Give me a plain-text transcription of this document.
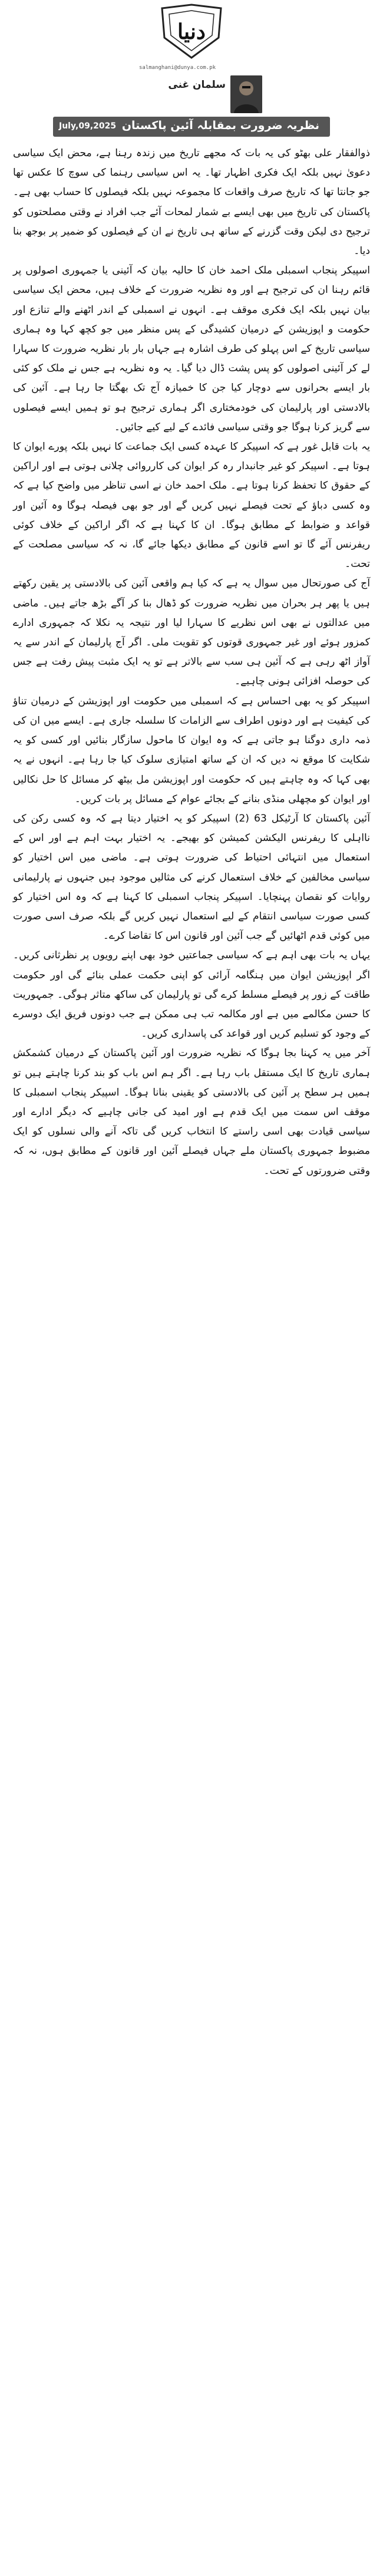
دنیا
salmanghani@dunya.com.pk
سلمان غنی
July,09,2025 نظریہ ضرورت بمقابلہ آئین پاکستان

ذوالفقار علی بھٹو کی یہ بات کہ مجھے تاریخ میں زندہ رہنا ہے، محض ایک سیاسی دعویٰ نہیں بلکہ ایک فکری اظہار تھا۔ یہ اس سیاسی رہنما کی سوچ کا عکس تھا جو جانتا تھا کہ تاریخ صرف واقعات کا مجموعہ نہیں بلکہ فیصلوں کا حساب بھی ہے۔ پاکستان کی تاریخ میں بھی ایسے بے شمار لمحات آئے جب افراد نے وقتی مصلحتوں کو ترجیح دی لیکن وقت گزرنے کے ساتھ ہی تاریخ نے ان کے فیصلوں کو ضمیر پر بوجھ بنا دیا۔

اسپیکر پنجاب اسمبلی ملک احمد خان کا حالیہ بیان کہ آئینی یا جمہوری اصولوں پر قائم رہنا ان کی ترجیح ہے اور وہ نظریہ ضرورت کے خلاف ہیں، محض ایک سیاسی بیان نہیں بلکہ ایک فکری موقف ہے۔ انہوں نے اسمبلی کے اندر اٹھنے والے تنازع اور حکومت و اپوزیشن کے درمیان کشیدگی کے پس منظر میں جو کچھ کہا وہ ہماری سیاسی تاریخ کے اس پہلو کی طرف اشارہ ہے جہاں بار بار نظریہ ضرورت کا سہارا لے کر آئینی اصولوں کو پس پشت ڈال دیا گیا۔ یہ وہ نظریہ ہے جس نے ملک کو کئی بار ایسے بحرانوں سے دوچار کیا جن کا خمیازہ آج تک بھگتا جا رہا ہے۔ آئین کی بالادستی اور پارلیمان کی خودمختاری اگر ہماری ترجیح ہو تو ہمیں ایسے فیصلوں سے گریز کرنا ہوگا جو وقتی سیاسی فائدے کے لیے کیے جائیں۔

یہ بات قابل غور ہے کہ اسپیکر کا عہدہ کسی ایک جماعت کا نہیں بلکہ پورے ایوان کا ہوتا ہے۔ اسپیکر کو غیر جانبدار رہ کر ایوان کی کارروائی چلانی ہوتی ہے اور اراکین کے حقوق کا تحفظ کرنا ہوتا ہے۔ ملک احمد خان نے اسی تناظر میں واضح کیا ہے کہ وہ کسی دباؤ کے تحت فیصلے نہیں کریں گے اور جو بھی فیصلہ ہوگا وہ آئین اور قواعد و ضوابط کے مطابق ہوگا۔ ان کا کہنا ہے کہ اگر اراکین کے خلاف کوئی ریفرنس آئے گا تو اسے قانون کے مطابق دیکھا جائے گا، نہ کہ سیاسی مصلحت کے تحت۔

آج کی صورتحال میں سوال یہ ہے کہ کیا ہم واقعی آئین کی بالادستی پر یقین رکھتے ہیں یا پھر ہر بحران میں نظریہ ضرورت کو ڈھال بنا کر آگے بڑھ جاتے ہیں۔ ماضی میں عدالتوں نے بھی اس نظریے کا سہارا لیا اور نتیجہ یہ نکلا کہ جمہوری ادارے کمزور ہوئے اور غیر جمہوری قوتوں کو تقویت ملی۔ اگر آج پارلیمان کے اندر سے یہ آواز اٹھ رہی ہے کہ آئین ہی سب سے بالاتر ہے تو یہ ایک مثبت پیش رفت ہے جس کی حوصلہ افزائی ہونی چاہیے۔

اسپیکر کو یہ بھی احساس ہے کہ اسمبلی میں حکومت اور اپوزیشن کے درمیان تناؤ کی کیفیت ہے اور دونوں اطراف سے الزامات کا سلسلہ جاری ہے۔ ایسے میں ان کی ذمہ داری دوگنا ہو جاتی ہے کہ وہ ایوان کا ماحول سازگار بنائیں اور کسی کو یہ شکایت کا موقع نہ دیں کہ ان کے ساتھ امتیازی سلوک کیا جا رہا ہے۔ انہوں نے یہ بھی کہا کہ وہ چاہتے ہیں کہ حکومت اور اپوزیشن مل بیٹھ کر مسائل کا حل نکالیں اور ایوان کو مچھلی منڈی بنانے کے بجائے عوام کے مسائل پر بات کریں۔

آئین پاکستان کا آرٹیکل 63 (2) اسپیکر کو یہ اختیار دیتا ہے کہ وہ کسی رکن کی نااہلی کا ریفرنس الیکشن کمیشن کو بھیجے۔ یہ اختیار بہت اہم ہے اور اس کے استعمال میں انتہائی احتیاط کی ضرورت ہوتی ہے۔ ماضی میں اس اختیار کو سیاسی مخالفین کے خلاف استعمال کرنے کی مثالیں موجود ہیں جنہوں نے پارلیمانی روایات کو نقصان پہنچایا۔ اسپیکر پنجاب اسمبلی کا کہنا ہے کہ وہ اس اختیار کو کسی صورت سیاسی انتقام کے لیے استعمال نہیں کریں گے بلکہ صرف اسی صورت میں کوئی قدم اٹھائیں گے جب آئین اور قانون اس کا تقاضا کرے۔

یہاں یہ بات بھی اہم ہے کہ سیاسی جماعتیں خود بھی اپنے رویوں پر نظرثانی کریں۔ اگر اپوزیشن ایوان میں ہنگامہ آرائی کو اپنی حکمت عملی بنائے گی اور حکومت طاقت کے زور پر فیصلے مسلط کرے گی تو پارلیمان کی ساکھ متاثر ہوگی۔ جمہوریت کا حسن مکالمے میں ہے اور مکالمہ تب ہی ممکن ہے جب دونوں فریق ایک دوسرے کے وجود کو تسلیم کریں اور قواعد کی پاسداری کریں۔

آخر میں یہ کہنا بجا ہوگا کہ نظریہ ضرورت اور آئین پاکستان کے درمیان کشمکش ہماری تاریخ کا ایک مستقل باب رہا ہے۔ اگر ہم اس باب کو بند کرنا چاہتے ہیں تو ہمیں ہر سطح پر آئین کی بالادستی کو یقینی بنانا ہوگا۔ اسپیکر پنجاب اسمبلی کا موقف اس سمت میں ایک قدم ہے اور امید کی جانی چاہیے کہ دیگر ادارے اور سیاسی قیادت بھی اسی راستے کا انتخاب کریں گی تاکہ آنے والی نسلوں کو ایک مضبوط جمہوری پاکستان ملے جہاں فیصلے آئین اور قانون کے مطابق ہوں، نہ کہ وقتی ضرورتوں کے تحت۔
